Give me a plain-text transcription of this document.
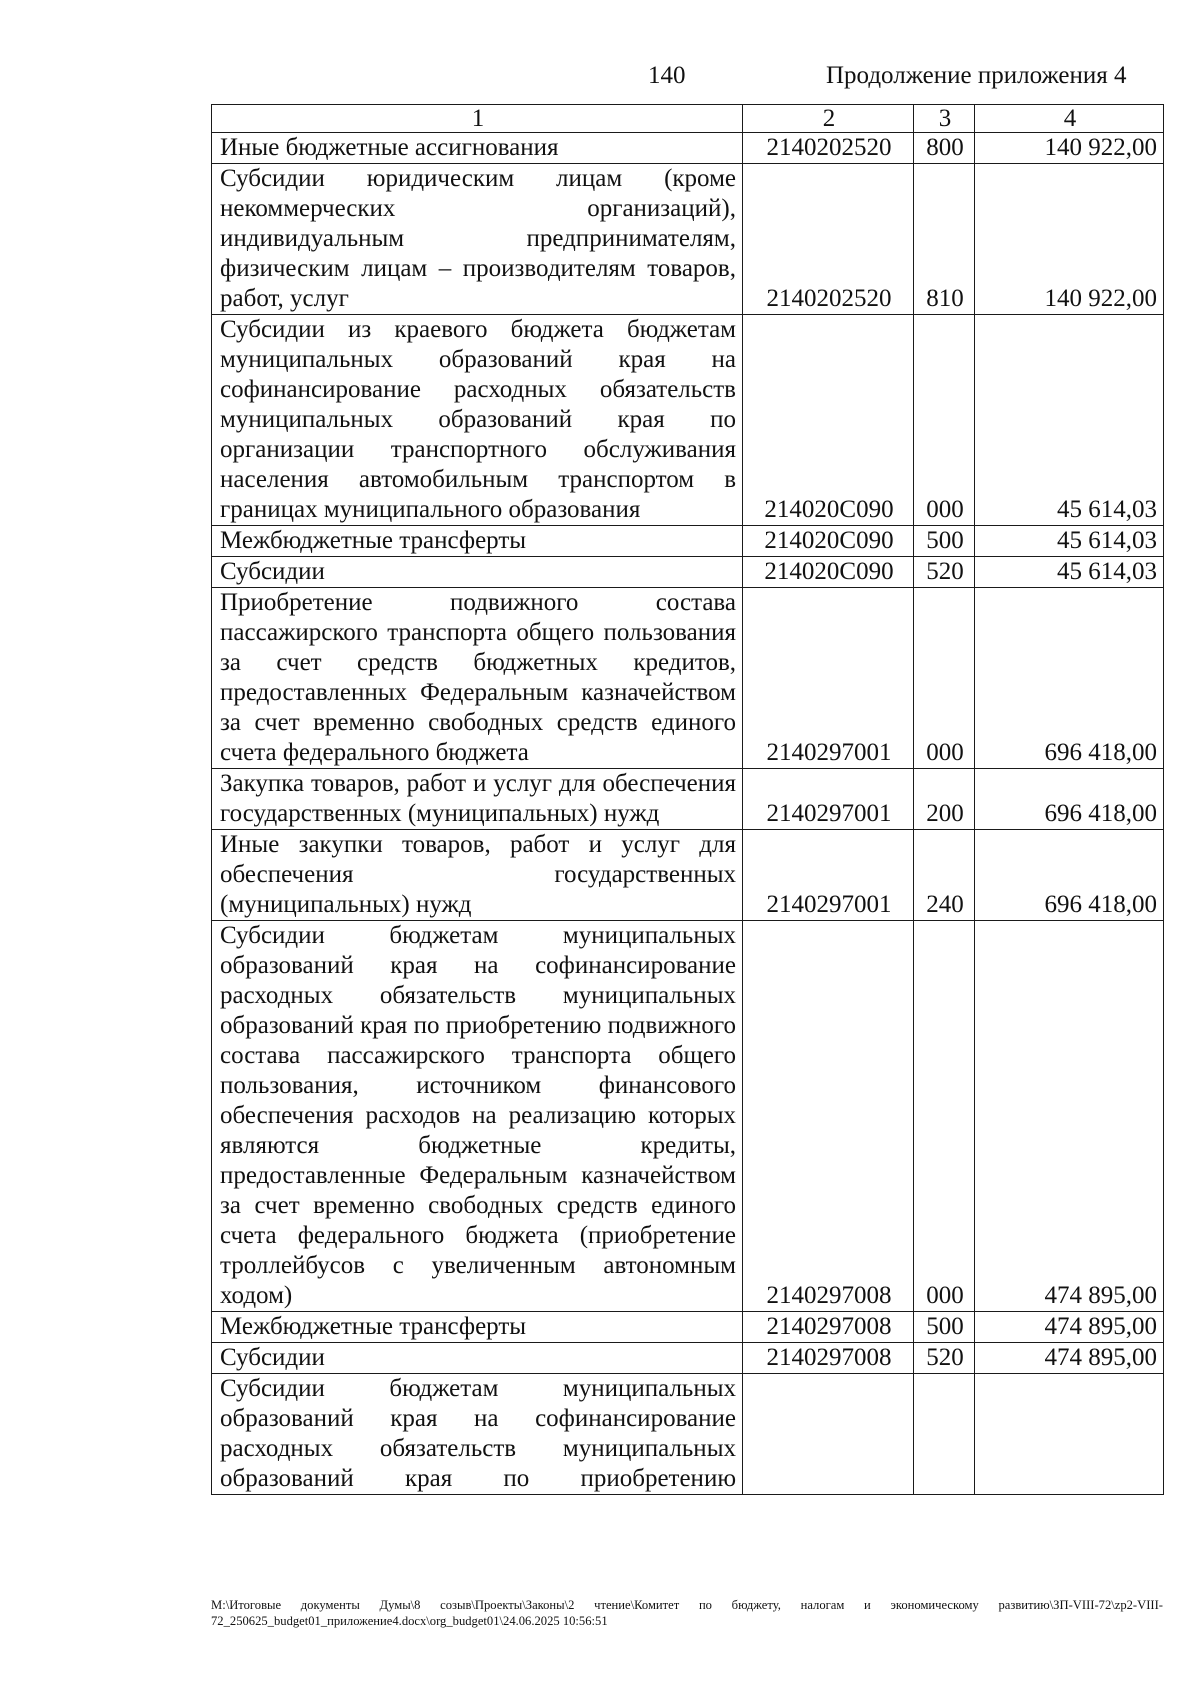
140	Продолжение приложения 4
1	2	3	4
Иные бюджетные ассигнования	2140202520	800	140 922,00
Субсидии юридическим лицам (кроме некоммерческих организаций), индивидуальным предпринимателям, физическим лицам – производителям товаров, работ, услуг	2140202520	810	140 922,00
Субсидии из краевого бюджета бюджетам муниципальных образований края на софинансирование расходных обязательств муниципальных образований края по организации транспортного обслуживания населения автомобильным транспортом в границах муниципального образования	214020С090	000	45 614,03
Межбюджетные трансферты	214020С090	500	45 614,03
Субсидии	214020С090	520	45 614,03
Приобретение подвижного состава пассажирского транспорта общего пользования за счет средств бюджетных кредитов, предоставленных Федеральным казначейством за счет временно свободных средств единого счета федерального бюджета	2140297001	000	696 418,00
Закупка товаров, работ и услуг для обеспечения государственных (муниципальных) нужд	2140297001	200	696 418,00
Иные закупки товаров, работ и услуг для обеспечения государственных (муниципальных) нужд	2140297001	240	696 418,00
Субсидии бюджетам муниципальных образований края на софинансирование расходных обязательств муниципальных образований края по приобретению подвижного состава пассажирского транспорта общего пользования, источником финансового обеспечения расходов на реализацию которых являются бюджетные кредиты, предоставленные Федеральным казначейством за счет временно свободных средств единого счета федерального бюджета (приобретение троллейбусов с увеличенным автономным ходом)	2140297008	000	474 895,00
Межбюджетные трансферты	2140297008	500	474 895,00
Субсидии	2140297008	520	474 895,00
Субсидии бюджетам муниципальных образований края на софинансирование расходных обязательств муниципальных образований края по приобретению			
M:\Итоговые документы Думы\8 созыв\Проекты\Законы\2 чтение\Комитет по бюджету, налогам и экономическому развитию\ЗП-VIII-72\zp2-VIII-72_250625_budget01_приложение4.docx\org_budget01\24.06.2025 10:56:51
